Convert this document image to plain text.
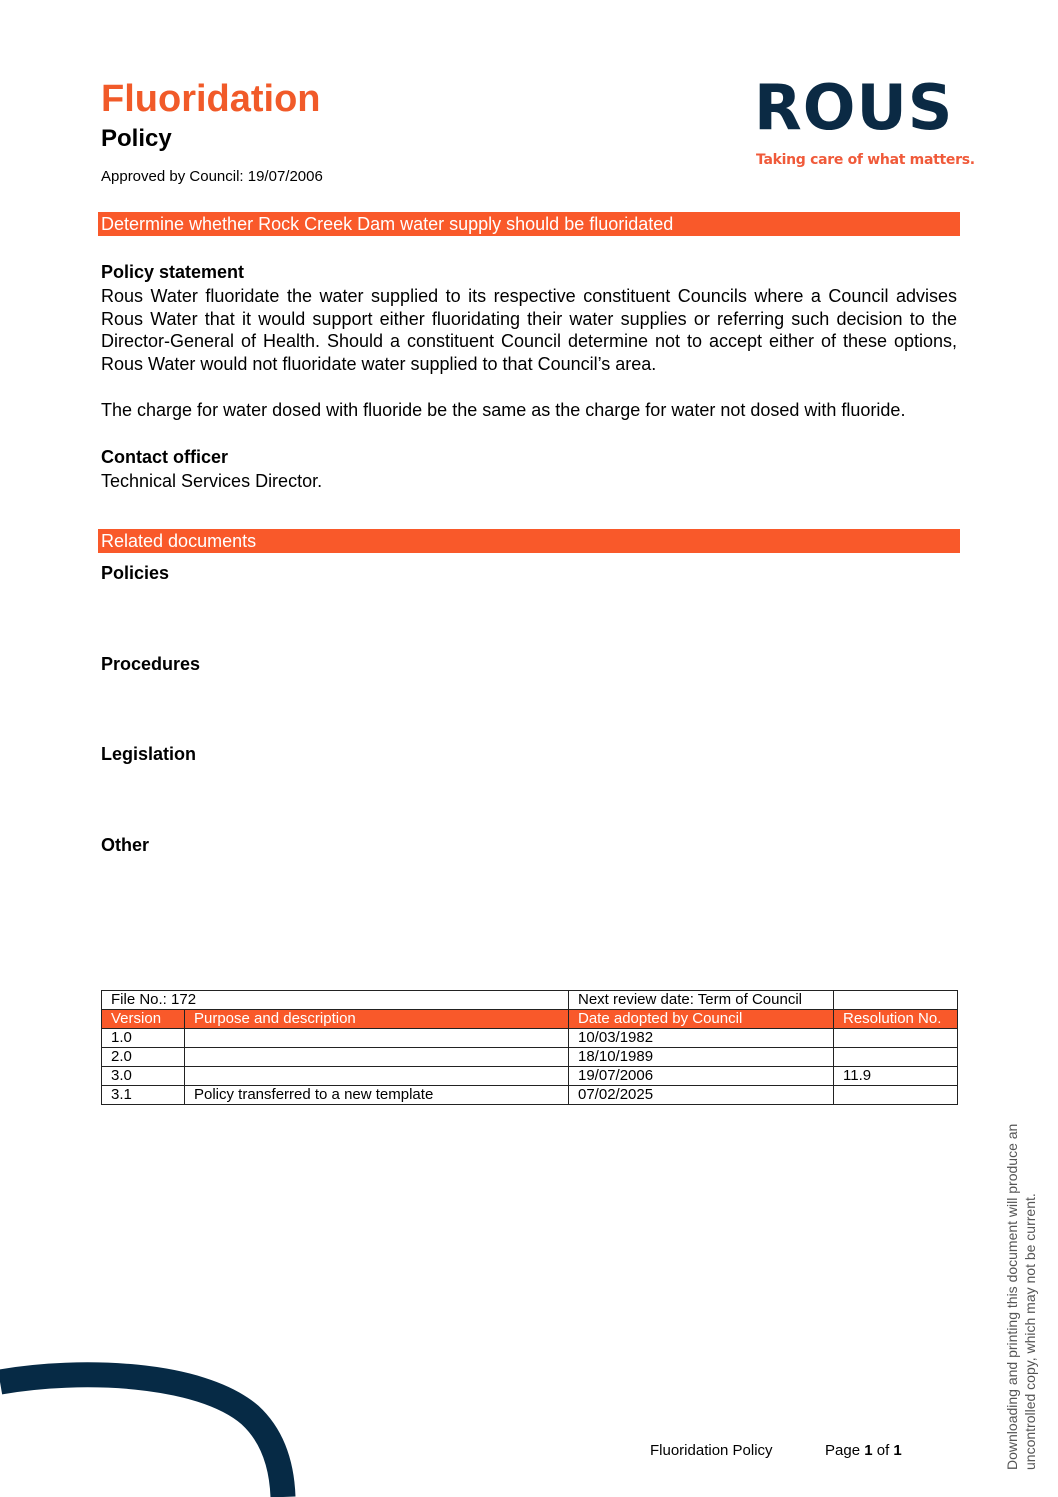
Fluoridation
Policy
Approved by Council: 19/07/2006
ROUS
Taking care of what matters.
Determine whether Rock Creek Dam water supply should be fluoridated
Policy statement
Rous Water fluoridate the water supplied to its respective constituent Councils where a Council advises Rous Water that it would support either fluoridating their water supplies or referring such decision to the Director-General of Health. Should a constituent Council determine not to accept either of these options, Rous Water would not fluoridate water supplied to that Council’s area.
The charge for water dosed with fluoride be the same as the charge for water not dosed with fluoride.
Contact officer
Technical Services Director.
Related documents
Policies
Procedures
Legislation
Other
File No.: 172		Next review date: Term of Council	
Version	Purpose and description	Date adopted by Council	Resolution No.
1.0		10/03/1982	
2.0		18/10/1989	
3.0		19/07/2006	11.9
3.1	Policy transferred to a new template	07/02/2025	
Downloading and printing this document will produce an uncontrolled copy, which may not be current.
Fluoridation Policy	Page 1 of 1
